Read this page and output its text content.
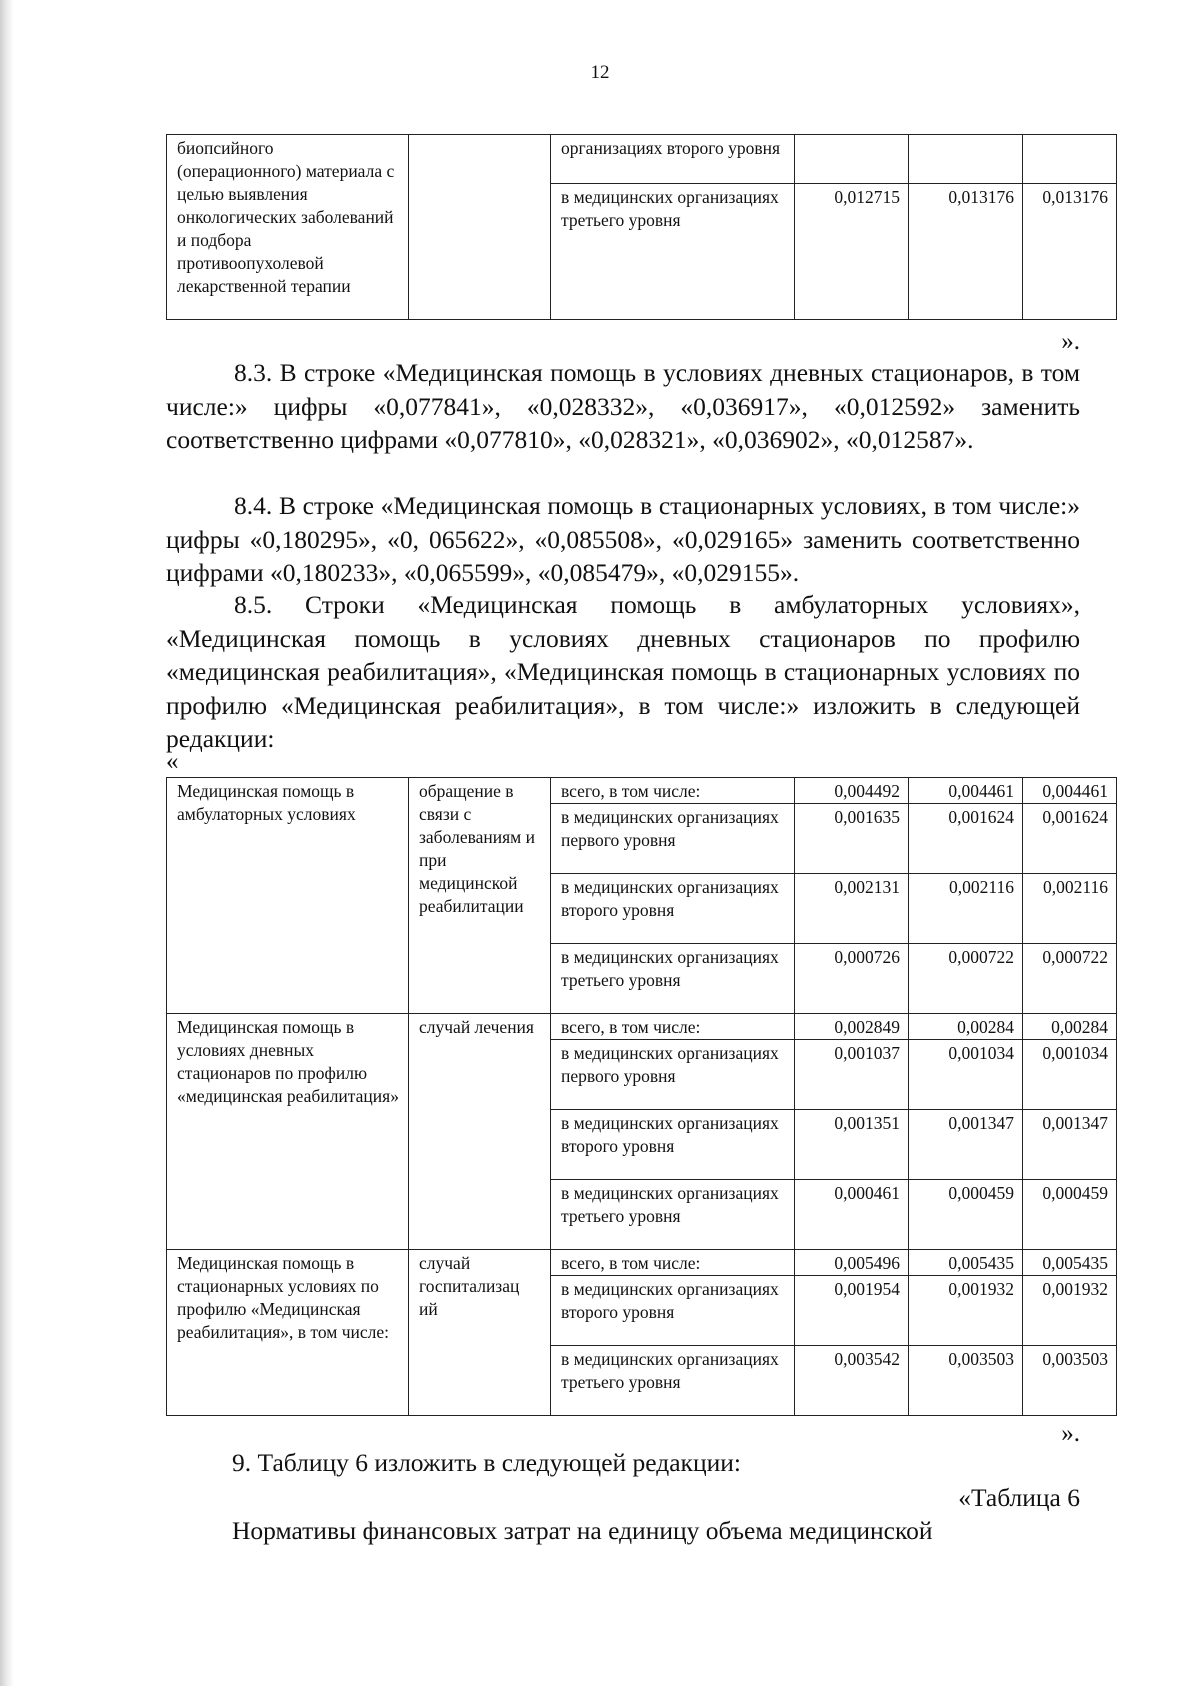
12
биопсийного (операционного) материала с целью выявления онкологических заболеваний и подбора противоопухолевой лекарственной терапии		организациях второго уровня			
		в медицинских организациях третьего уровня	0,012715	0,013176	0,013176
».

8.3. В строке «Медицинская помощь в условиях дневных стационаров, в том числе:» цифры «0,077841», «0,028332», «0,036917», «0,012592» заменить соответственно цифрами «0,077810», «0,028321», «0,036902», «0,012587».

8.4. В строке «Медицинская помощь в стационарных условиях, в том числе:» цифры «0,180295», «0, 065622», «0,085508», «0,029165» заменить соответственно цифрами «0,180233», «0,065599», «0,085479», «0,029155».

8.5. Строки «Медицинская помощь в амбулаторных условиях», «Медицинская помощь в условиях дневных стационаров по профилю «медицинская реабилитация», «Медицинская помощь в стационарных условиях по профилю «Медицинская реабилитация», в том числе:» изложить в следующей редакции:

«
Медицинская помощь в амбулаторных условиях	обращение в связи с заболеваниям и при медицинской реабилитации	всего, в том числе:	0,004492	0,004461	0,004461
		в медицинских организациях первого уровня	0,001635	0,001624	0,001624
		в медицинских организациях второго уровня	0,002131	0,002116	0,002116
		в медицинских организациях третьего уровня	0,000726	0,000722	0,000722
Медицинская помощь в условиях дневных стационаров по профилю «медицинская реабилитация»	случай лечения	всего, в том числе:	0,002849	0,00284	0,00284
		в медицинских организациях первого уровня	0,001037	0,001034	0,001034
		в медицинских организациях второго уровня	0,001351	0,001347	0,001347
		в медицинских организациях третьего уровня	0,000461	0,000459	0,000459
Медицинская помощь в стационарных условиях по профилю «Медицинская реабилитация», в том числе:	случай госпитализац ий	всего, в том числе:	0,005496	0,005435	0,005435
		в медицинских организациях второго уровня	0,001954	0,001932	0,001932
		в медицинских организациях третьего уровня	0,003542	0,003503	0,003503
».
9. Таблицу 6 изложить в следующей редакции:
«Таблица 6
Нормативы финансовых затрат на единицу объема медицинской
